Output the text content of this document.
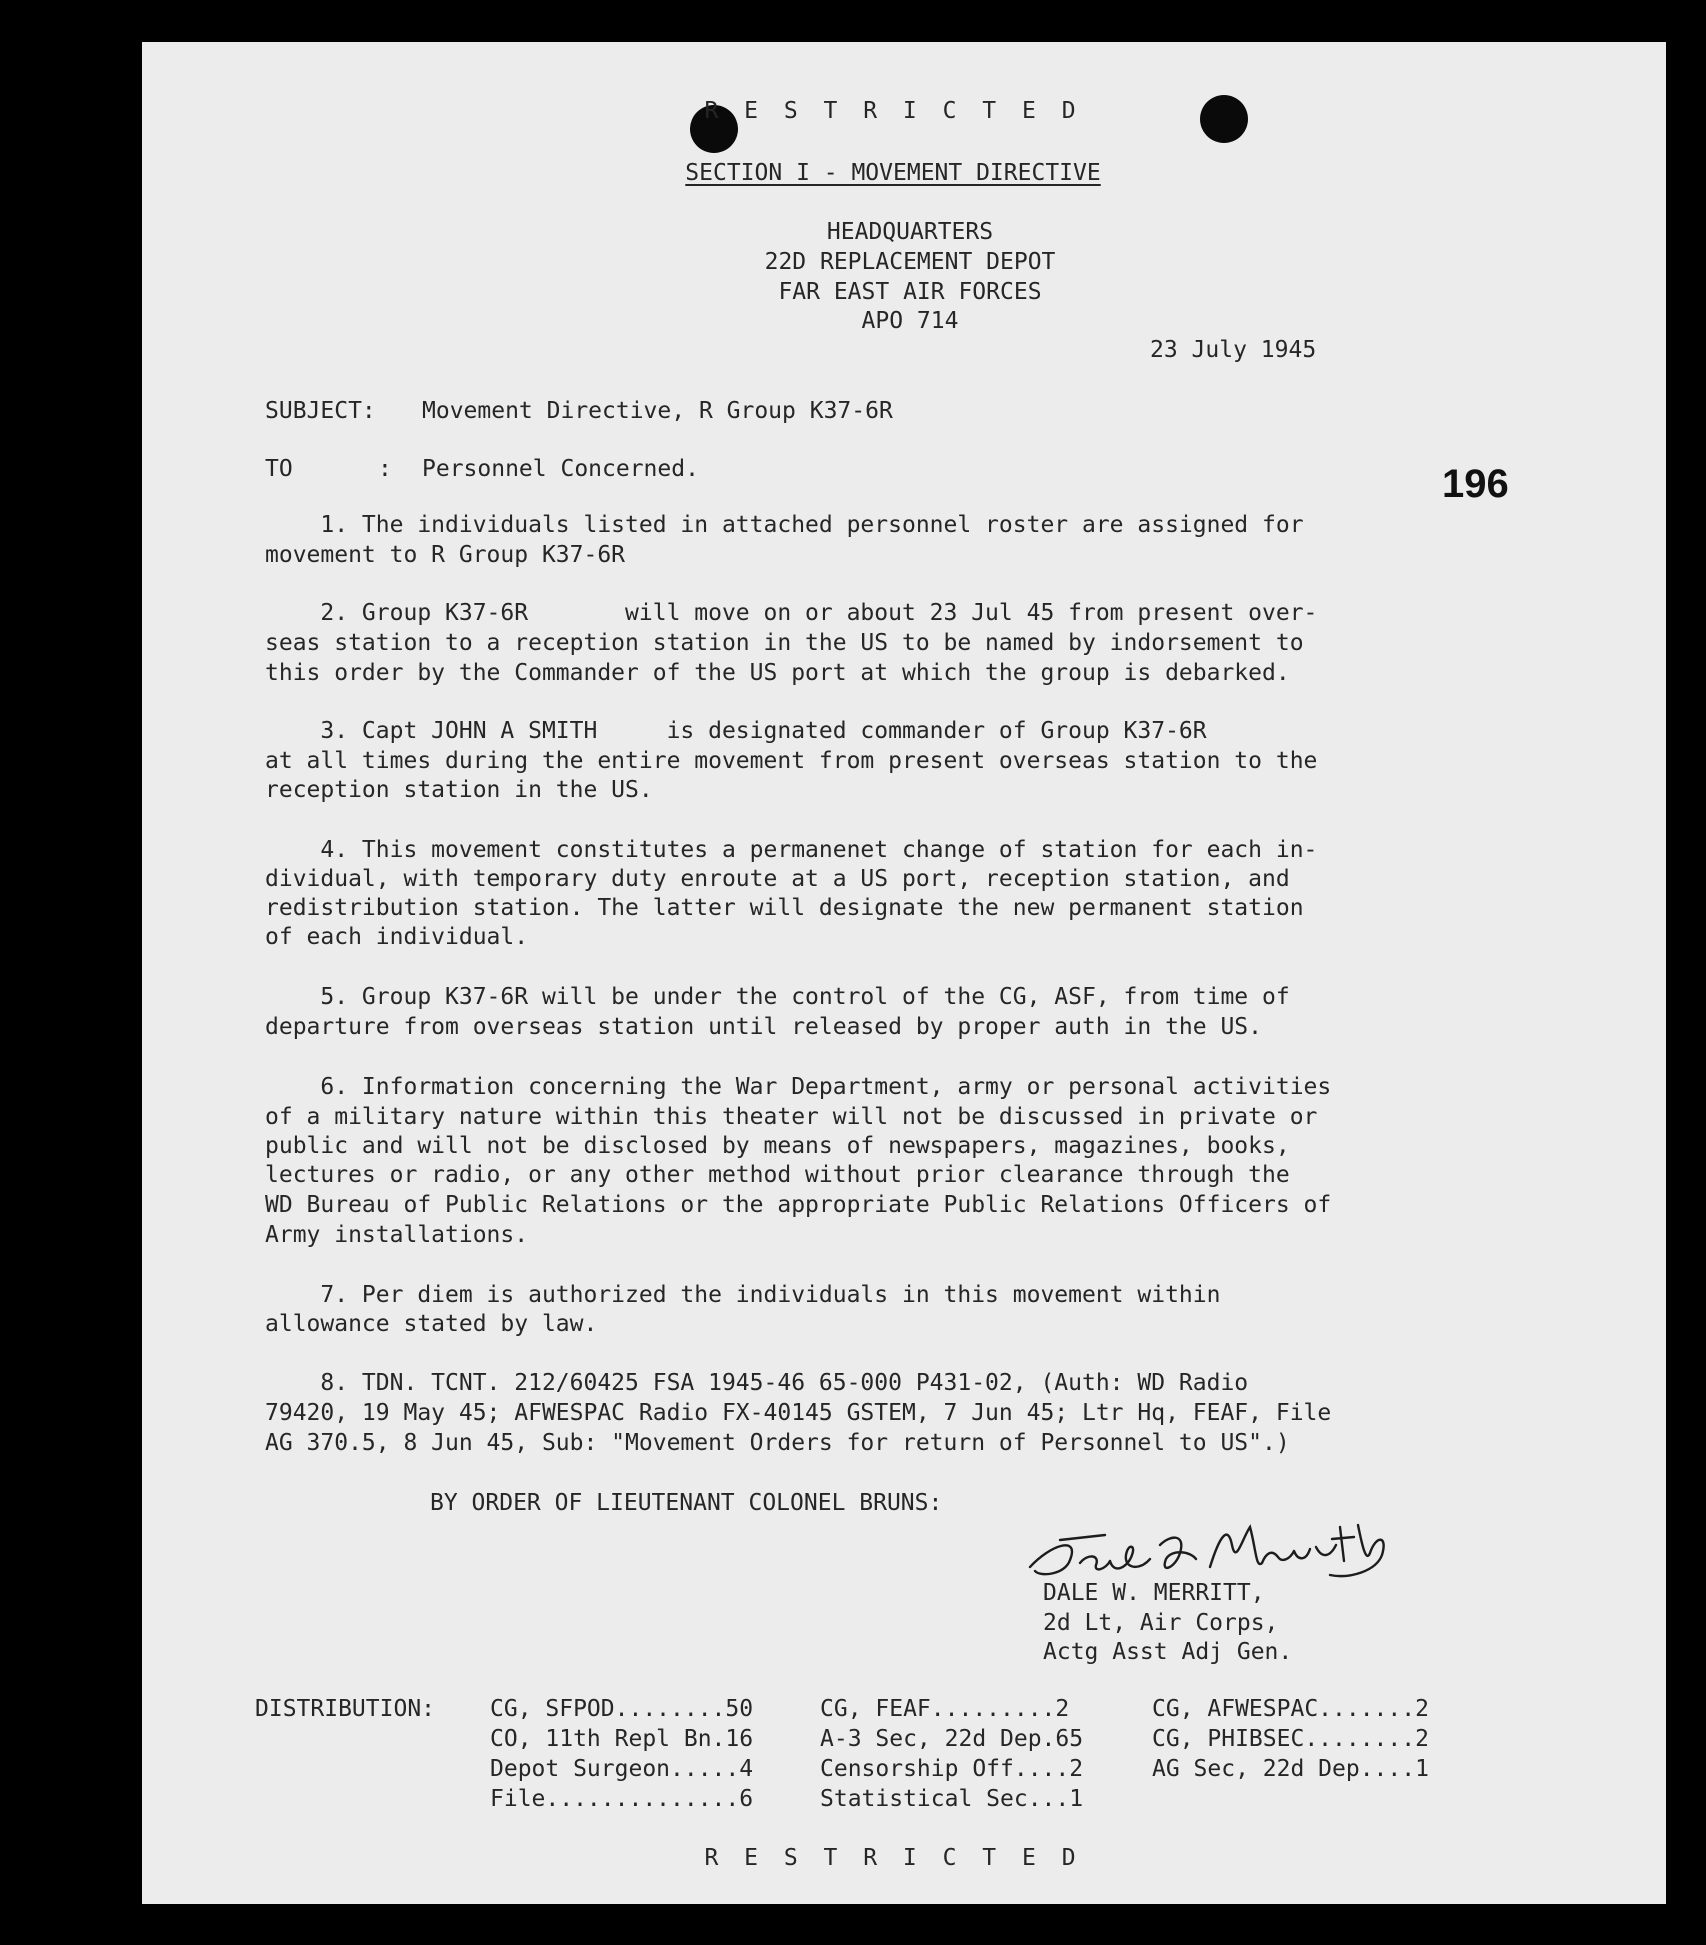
R E S T R I C T E D
SECTION I - MOVEMENT DIRECTIVE
HEADQUARTERS
22D REPLACEMENT DEPOT
FAR EAST AIR FORCES
APO 714
23 July 1945
196
SUBJECT: Movement Directive, R Group K37-6R
TO	: Personnel Concerned.
1. The individuals listed in attached personnel roster are assigned for
movement to R Group K37-6R
2. Group K37-6R       will move on or about 23 Jul 45 from present over-
seas station to a reception station in the US to be named by indorsement to
this order by the Commander of the US port at which the group is debarked.
3. Capt JOHN A SMITH     is designated commander of Group K37-6R
at all times during the entire movement from present overseas station to the
reception station in the US.
4. This movement constitutes a permanenet change of station for each in-
dividual, with temporary duty enroute at a US port, reception station, and
redistribution station. The latter will designate the new permanent station
of each individual.
5. Group K37-6R will be under the control of the CG, ASF, from time of
departure from overseas station until released by proper auth in the US.
6. Information concerning the War Department, army or personal activities
of a military nature within this theater will not be discussed in private or
public and will not be disclosed by means of newspapers, magazines, books,
lectures or radio, or any other method without prior clearance through the
WD Bureau of Public Relations or the appropriate Public Relations Officers of
Army installations.
7. Per diem is authorized the individuals in this movement within
allowance stated by law.
8. TDN. TCNT. 212/60425 FSA 1945-46 65-000 P431-02, (Auth: WD Radio
79420, 19 May 45; AFWESPAC Radio FX-40145 GSTEM, 7 Jun 45; Ltr Hq, FEAF, File
AG 370.5, 8 Jun 45, Sub: "Movement Orders for return of Personnel to US".)
BY ORDER OF LIEUTENANT COLONEL BRUNS:
DALE W. MERRITT,
2d Lt, Air Corps,
Actg Asst Adj Gen.
DISTRIBUTION: CG, SFPOD........50
CO, 11th Repl Bn.16
Depot Surgeon.....4
File..............6
CG, FEAF.........2
A-3 Sec, 22d Dep.65
Censorship Off....2
Statistical Sec...1
CG, AFWESPAC.......2
CG, PHIBSEC........2
AG Sec, 22d Dep....1
R E S T R I C T E D
